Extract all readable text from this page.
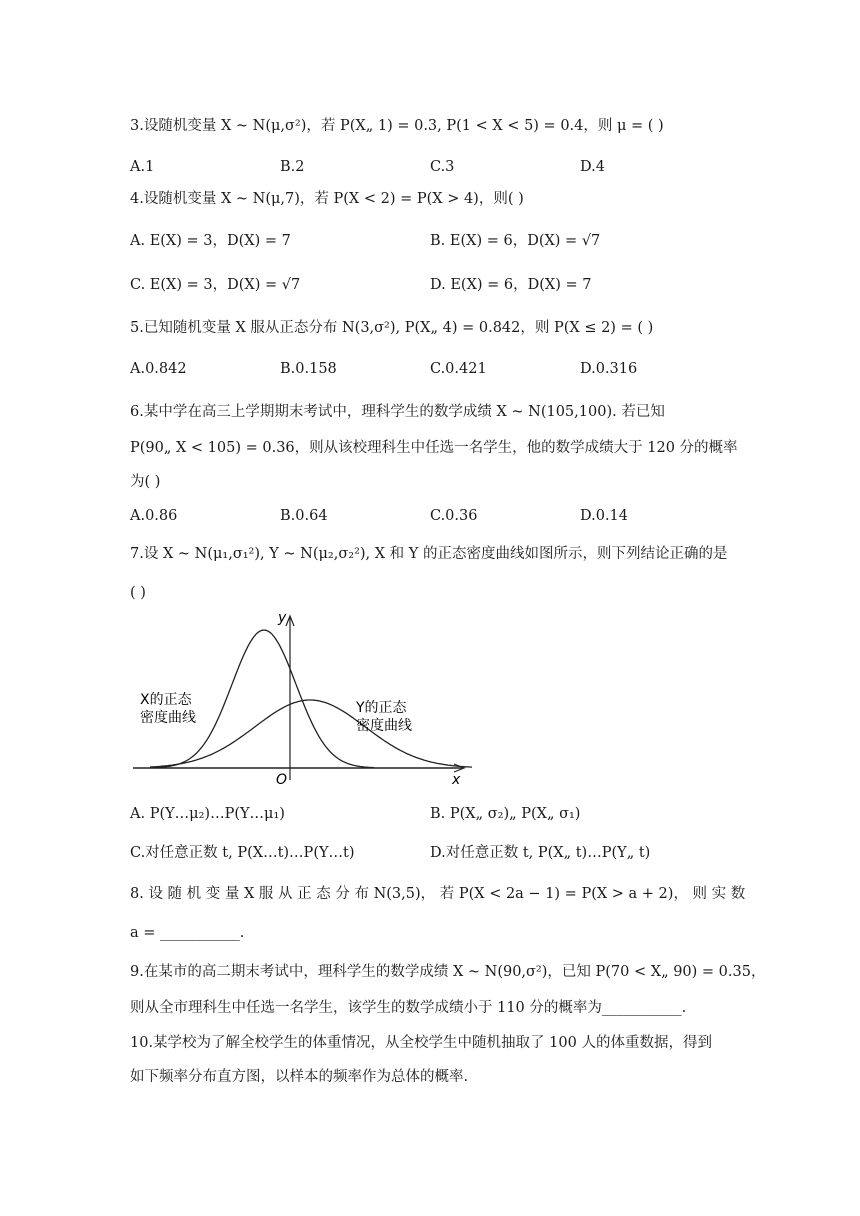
3.设随机变量 X ~ N(μ,σ²)，若 P(X„ 1) = 0.3, P(1 < X < 5) = 0.4，则 μ = ( )
A.1	B.2	C.3	D.4
4.设随机变量 X ~ N(μ,7)，若 P(X < 2) = P(X > 4)，则( )
A. E(X) = 3，D(X) = 7	B. E(X) = 6，D(X) = √7
C. E(X) = 3，D(X) = √7	D. E(X) = 6，D(X) = 7
5.已知随机变量 X 服从正态分布 N(3,σ²), P(X„ 4) = 0.842，则 P(X ≤ 2) = ( )
A.0.842	B.0.158	C.0.421	D.0.316
6.某中学在高三上学期期末考试中，理科学生的数学成绩 X ~ N(105,100). 若已知
P(90„ X < 105) = 0.36，则从该校理科生中任选一名学生，他的数学成绩大于 120 分的概率
为( )
A.0.86	B.0.64	C.0.36	D.0.14
7.设 X ~ N(μ₁,σ₁²), Y ~ N(μ₂,σ₂²), X 和 Y 的正态密度曲线如图所示，则下列结论正确的是
( )
y
x
O
X的正态
密度曲线
Y的正态
密度曲线
A. P(Y…μ₂)…P(Y…μ₁)	B. P(X„ σ₂)„ P(X„ σ₁)
C.对任意正数 t, P(X…t)…P(Y…t)	D.对任意正数 t, P(X„ t)…P(Y„ t)
8. 设 随 机 变 量 X 服 从 正 态 分 布 N(3,5)， 若 P(X < 2a − 1) = P(X > a + 2)， 则 实 数
a = ___________.
9.在某市的高二期末考试中，理科学生的数学成绩 X ~ N(90,σ²)，已知 P(70 < X„ 90) = 0.35，
则从全市理科生中任选一名学生，该学生的数学成绩小于 110 分的概率为___________.
10.某学校为了解全校学生的体重情况，从全校学生中随机抽取了 100 人的体重数据，得到
如下频率分布直方图，以样本的频率作为总体的概率.
